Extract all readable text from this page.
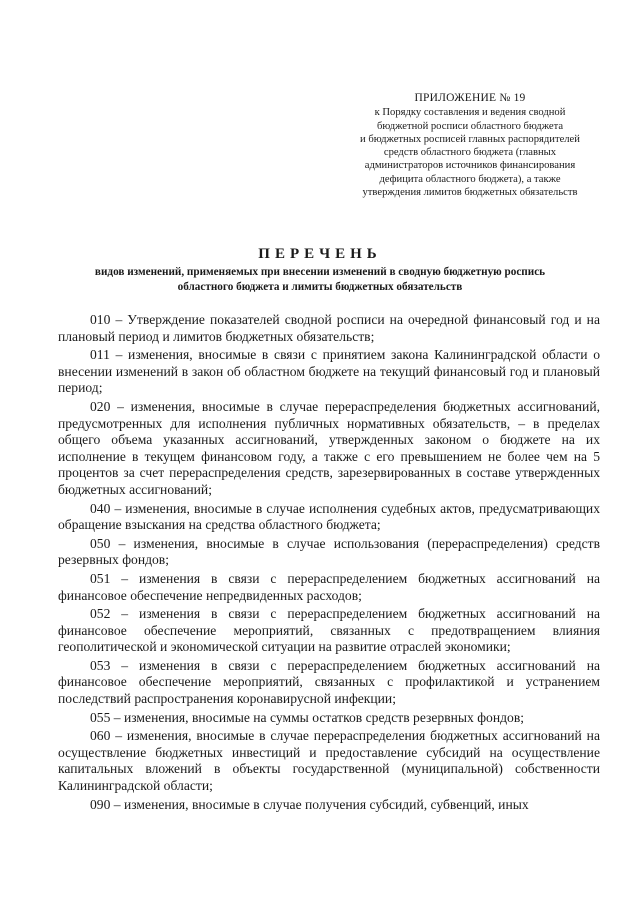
ПРИЛОЖЕНИЕ № 19
к Порядку составления и ведения сводной
бюджетной росписи областного бюджета
и бюджетных росписей главных распорядителей
средств областного бюджета (главных
администраторов источников финансирования
дефицита областного бюджета), а также
утверждения лимитов бюджетных обязательств
ПЕРЕЧЕНЬ
видов изменений, применяемых при внесении изменений в сводную бюджетную роспись
областного бюджета и лимиты бюджетных обязательств

010 – Утверждение показателей сводной росписи на очередной финансовый год и на плановый период и лимитов бюджетных обязательств;

011 – изменения, вносимые в связи с принятием закона Калининградской области о внесении изменений в закон об областном бюджете на текущий финансовый год и плановый период;

020 – изменения, вносимые в случае перераспределения бюджетных ассигнований, предусмотренных для исполнения публичных нормативных обязательств, – в пределах общего объема указанных ассигнований, утвержденных законом о бюджете на их исполнение в текущем финансовом году, а также с его превышением не более чем на 5 процентов за счет перераспределения средств, зарезервированных в составе утвержденных бюджетных ассигнований;

040 – изменения, вносимые в случае исполнения судебных актов, предусматривающих обращение взыскания на средства областного бюджета;

050 – изменения, вносимые в случае использования (перераспределения) средств резервных фондов;

051 – изменения в связи с перераспределением бюджетных ассигнований на финансовое обеспечение непредвиденных расходов;

052 – изменения в связи с перераспределением бюджетных ассигнований на финансовое обеспечение мероприятий, связанных с предотвращением влияния геополитической и экономической ситуации на развитие отраслей экономики;

053 – изменения в связи с перераспределением бюджетных ассигнований на финансовое обеспечение мероприятий, связанных с профилактикой и устранением последствий распространения коронавирусной инфекции;

055 – изменения, вносимые на суммы остатков средств резервных фондов;

060 – изменения, вносимые в случае перераспределения бюджетных ассигнований на осуществление бюджетных инвестиций и предоставление субсидий на осуществление капитальных вложений в объекты государственной (муниципальной) собственности Калининградской области;

090 – изменения, вносимые в случае получения субсидий, субвенций, иных
